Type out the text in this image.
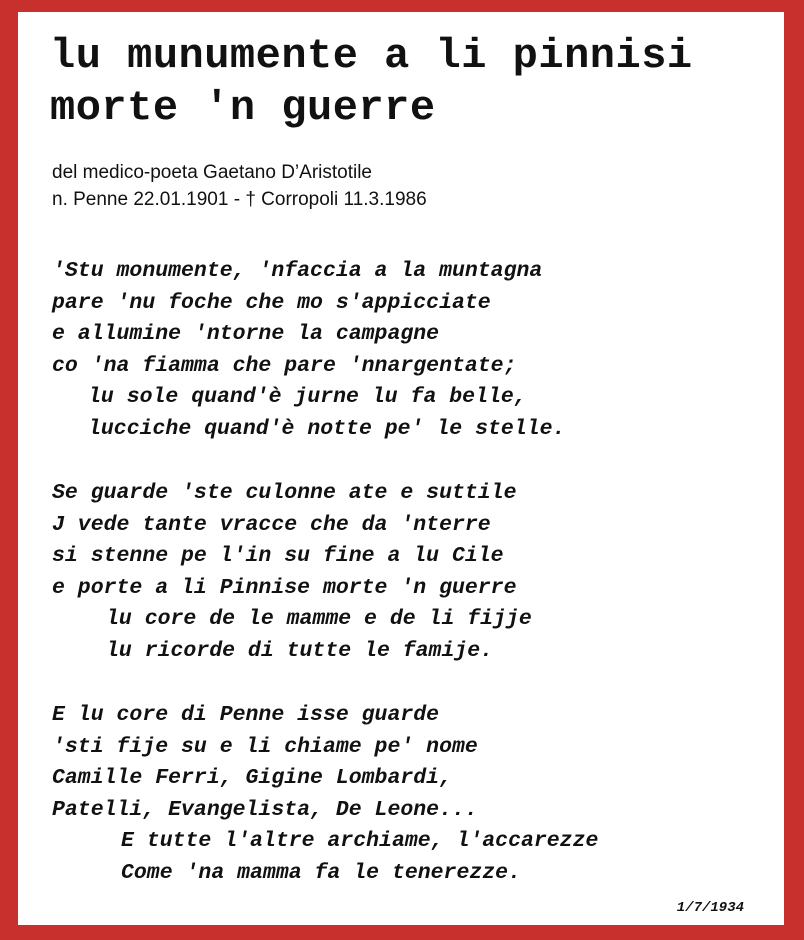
lu munumente a li pinnisi
morte 'n guerre
del medico-poeta Gaetano D’Aristotile
n. Penne 22.01.1901 - † Corropoli 11.3.1986
'Stu monumente, 'nfaccia a la muntagna
pare 'nu foche che mo s'appicciate
e allumine 'ntorne la campagne
co 'na fiamma che pare 'nnargentate;
lu sole quand'è jurne lu fa belle,
lucciche quand'è notte pe' le stelle.
Se guarde 'ste culonne ate e suttile
J vede tante vracce che da 'nterre
si stenne pe l'in su fine a lu Cile
e porte a li Pinnise morte 'n guerre
lu core de le mamme e de li fijje
lu ricorde di tutte le famije.
E lu core di Penne isse guarde
'sti fije su e li chiame pe' nome
Camille Ferri, Gigine Lombardi,
Patelli, Evangelista, De Leone...
E tutte l'altre archiame, l'accarezze
Come 'na mamma fa le tenerezze.
1/7/1934
